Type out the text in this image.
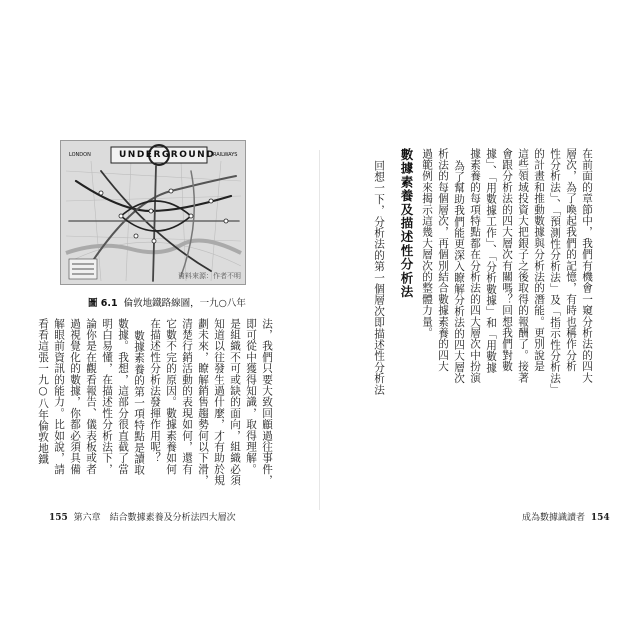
在前面的章節中，我們有機會一窺分析法的四大
層次，為了喚起我們的記憶，有時也稱作分析
性分析法」、「預測性分析法」及「指示性分析法」
的計畫和推動數據與分析法的潛能。更別說是
這些領域投資大把銀子之後取得的報酬了。接著
會跟分析法的四大層次有關嗎？回想我們對數
據」、「用數據工作」、「分析數據」和「用數據
據素養的每項特點都在分析法的四大層次中扮演
為了幫助我們能更深入瞭解分析法的四大層次
析法的每個層次，再個別結合數據素養的四大
過範例來揭示這幾大層次的整體力量。
數據素養及描述性分析法
回想一下，分析法的第一個層次即描述性分析法
法，我們只要大致回顧過往事件，
即可從中獲得知識，取得理解。
是組織不可或缺的面向，組織必須
知道以往發生過什麼，才有助於規
劃未來，瞭解銷售趨勢何以下滑，
清楚行銷活動的表現如何，還有
它數不完的原因。數據素養如何
在描述性分析法發揮作用呢？
數據素養的第一項特點是讀取
數據。我想，這部分很直截了當
明白易懂，在描述性分析法下，
論你是在觀看報告、儀表板或者
過視覺化的數據，你都必須具備
解眼前資訊的能力。比如說，請
看看這張一九○八年倫敦地鐵
UNDERGROUND
LONDON	RAILWAYS
資料來源：作者不明
圖 6.1 倫敦地鐵路線圖，一九○八年
155 第六章　結合數據素養及分析法四大層次	成為數據識讀者 154
